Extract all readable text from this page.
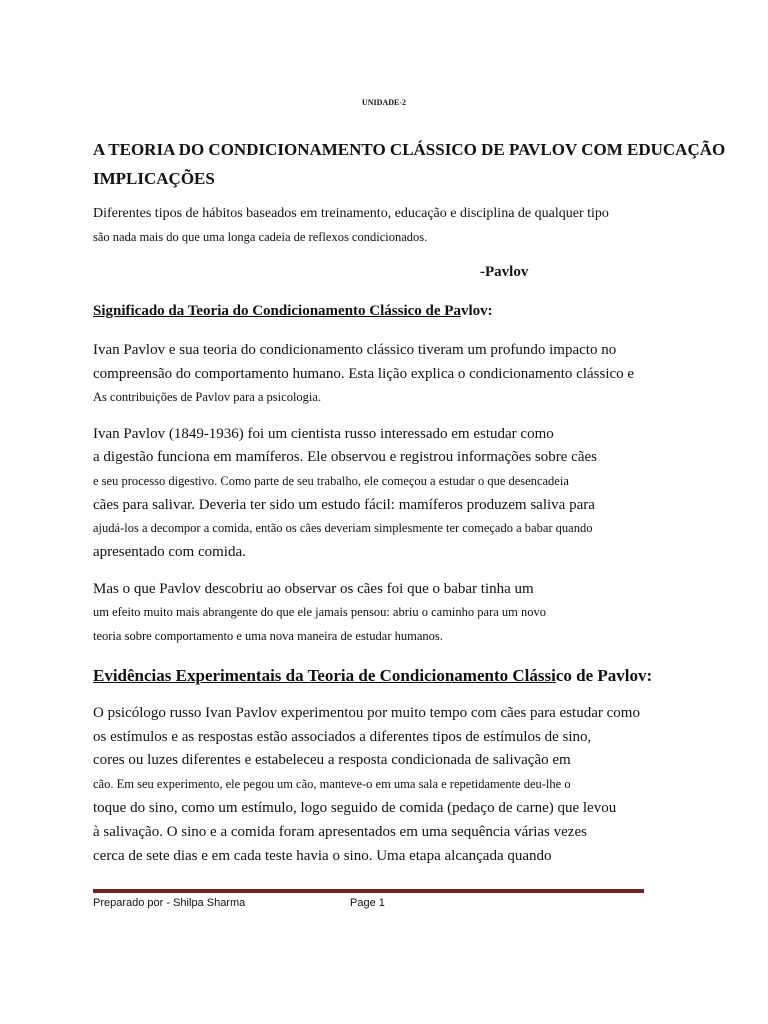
UNIDADE-2
A TEORIA DO CONDICIONAMENTO CLÁSSICO DE PAVLOV COM EDUCAÇÃO
IMPLICAÇÕES
Diferentes tipos de hábitos baseados em treinamento, educação e disciplina de qualquer tipo
são nada mais do que uma longa cadeia de reflexos condicionados.
-Pavlov
Significado da Teoria do Condicionamento Clássico de Pavlov:
Ivan Pavlov e sua teoria do condicionamento clássico tiveram um profundo impacto no
compreensão do comportamento humano. Esta lição explica o condicionamento clássico e
As contribuições de Pavlov para a psicologia.
Ivan Pavlov (1849-1936) foi um cientista russo interessado em estudar como
a digestão funciona em mamíferos. Ele observou e registrou informações sobre cães
e seu processo digestivo. Como parte de seu trabalho, ele começou a estudar o que desencadeia
cães para salivar. Deveria ter sido um estudo fácil: mamíferos produzem saliva para
ajudá-los a decompor a comida, então os cães deveriam simplesmente ter começado a babar quando
apresentado com comida.
Mas o que Pavlov descobriu ao observar os cães foi que o babar tinha um
um efeito muito mais abrangente do que ele jamais pensou: abriu o caminho para um novo
teoria sobre comportamento e uma nova maneira de estudar humanos.
Evidências Experimentais da Teoria de Condicionamento Clássico de Pavlov:
O psicólogo russo Ivan Pavlov experimentou por muito tempo com cães para estudar como
os estímulos e as respostas estão associados a diferentes tipos de estímulos de sino,
cores ou luzes diferentes e estabeleceu a resposta condicionada de salivação em
cão. Em seu experimento, ele pegou um cão, manteve-o em uma sala e repetidamente deu-lhe o
toque do sino, como um estímulo, logo seguido de comida (pedaço de carne) que levou
à salivação. O sino e a comida foram apresentados em uma sequência várias vezes
cerca de sete dias e em cada teste havia o sino. Uma etapa alcançada quando
Preparado por - Shilpa Sharma	Page 1
